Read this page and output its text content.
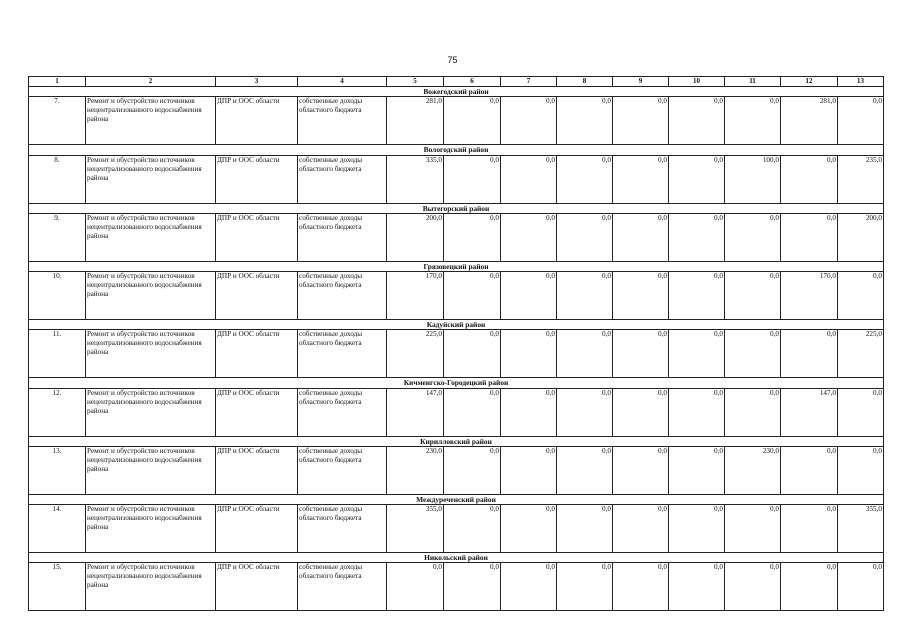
75
1	2	3	4	5	6	7	8	9	10	11	12	13
Вожегодский район												
7.	Ремонт и обустройство источников нецентрализованного водоснабжения района	ДПР и ООС области	собственные доходы областного бюджета	281,0	0,0	0,0	0,0	0,0	0,0	0,0	281,0	0,0
Вологодский район												
8.	Ремонт и обустройство источников нецентрализованного водоснабжения района	ДПР и ООС области	собственные доходы областного бюджета	335,0	0,0	0,0	0,0	0,0	0,0	100,0	0,0	235,0
Вытегорский район												
9.	Ремонт и обустройство источников нецентрализованного водоснабжения района	ДПР и ООС области	собственные доходы областного бюджета	200,0	0,0	0,0	0,0	0,0	0,0	0,0	0,0	200,0
Грязовецкий район												
10.	Ремонт и обустройство источников нецентрализованного водоснабжения района	ДПР и ООС области	собственные доходы областного бюджета	170,0	0,0	0,0	0,0	0,0	0,0	0,0	170,0	0,0
Кадуйский район												
11.	Ремонт и обустройство источников нецентрализованного водоснабжения района	ДПР и ООС области	собственные доходы областного бюджета	225,0	0,0	0,0	0,0	0,0	0,0	0,0	0,0	225,0
Кичменгско-Городецкий район												
12.	Ремонт и обустройство источников нецентрализованного водоснабжения района	ДПР и ООС области	собственные доходы областного бюджета	147,0	0,0	0,0	0,0	0,0	0,0	0,0	147,0	0,0
Кирилловский район												
13.	Ремонт и обустройство источников нецентрализованного водоснабжения района	ДПР и ООС области	собственные доходы областного бюджета	230,0	0,0	0,0	0,0	0,0	0,0	230,0	0,0	0,0
Междуреченский район												
14.	Ремонт и обустройство источников нецентрализованного водоснабжения района	ДПР и ООС области	собственные доходы областного бюджета	355,0	0,0	0,0	0,0	0,0	0,0	0,0	0,0	355,0
Никольский район												
15.	Ремонт и обустройство источников нецентрализованного водоснабжения района	ДПР и ООС области	собственные доходы областного бюджета	0,0	0,0	0,0	0,0	0,0	0,0	0,0	0,0	0,0
